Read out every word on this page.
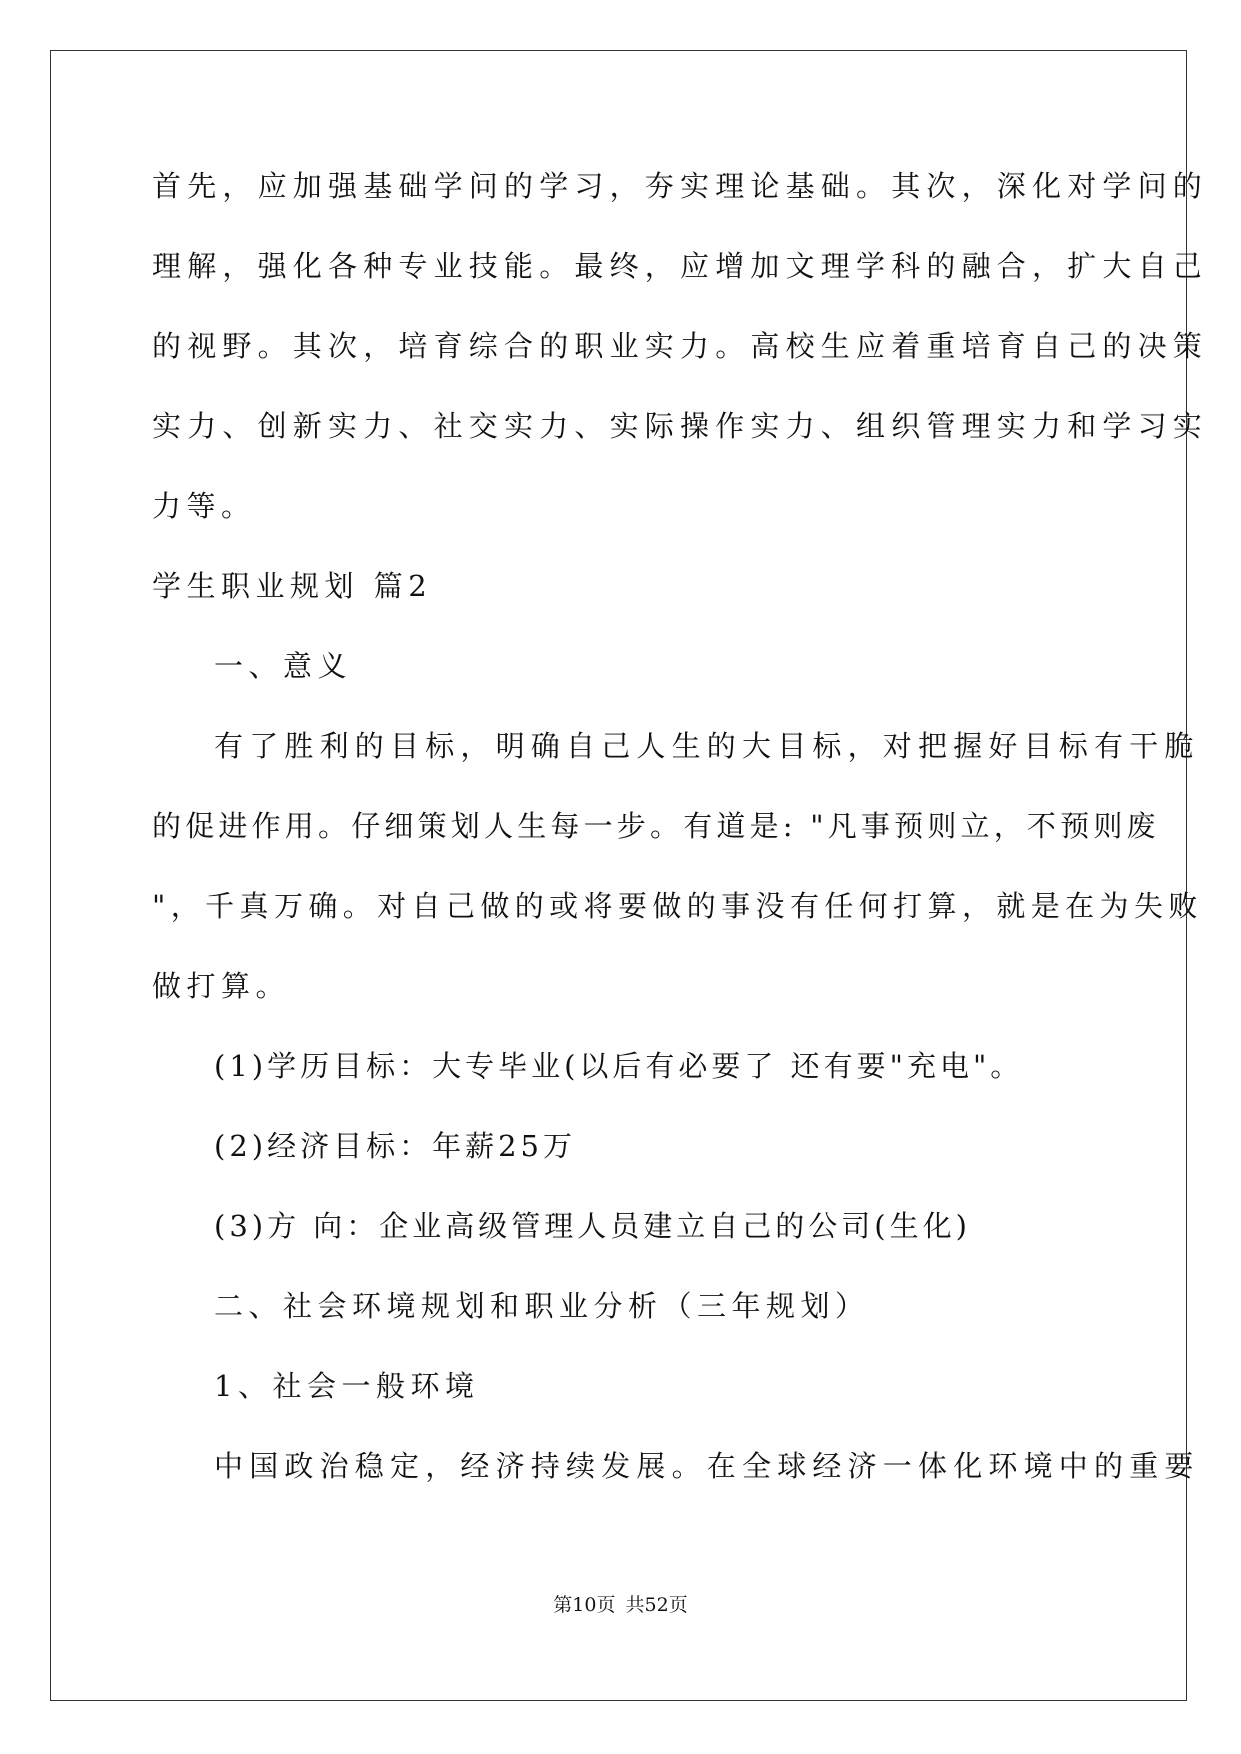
首先，应加强基础学问的学习，夯实理论基础。其次，深化对学问的
理解，强化各种专业技能。最终，应增加文理学科的融合，扩大自己
的视野。其次，培育综合的职业实力。高校生应着重培育自己的决策
实力、创新实力、社交实力、实际操作实力、组织管理实力和学习实
力等。
学生职业规划 篇2
一、意义
有了胜利的目标，明确自己人生的大目标，对把握好目标有干脆
的促进作用。仔细策划人生每一步。有道是: "凡事预则立，不预则废
"，千真万确。对自己做的或将要做的事没有任何打算，就是在为失败
做打算。
(1)学历目标：大专毕业(以后有必要了 还有要"充电"。
(2)经济目标：年薪25万
(3)方 向：企业高级管理人员建立自己的公司(生化)
二、社会环境规划和职业分析（三年规划）
1、社会一般环境
中国政治稳定，经济持续发展。在全球经济一体化环境中的重要
第10页 共52页
